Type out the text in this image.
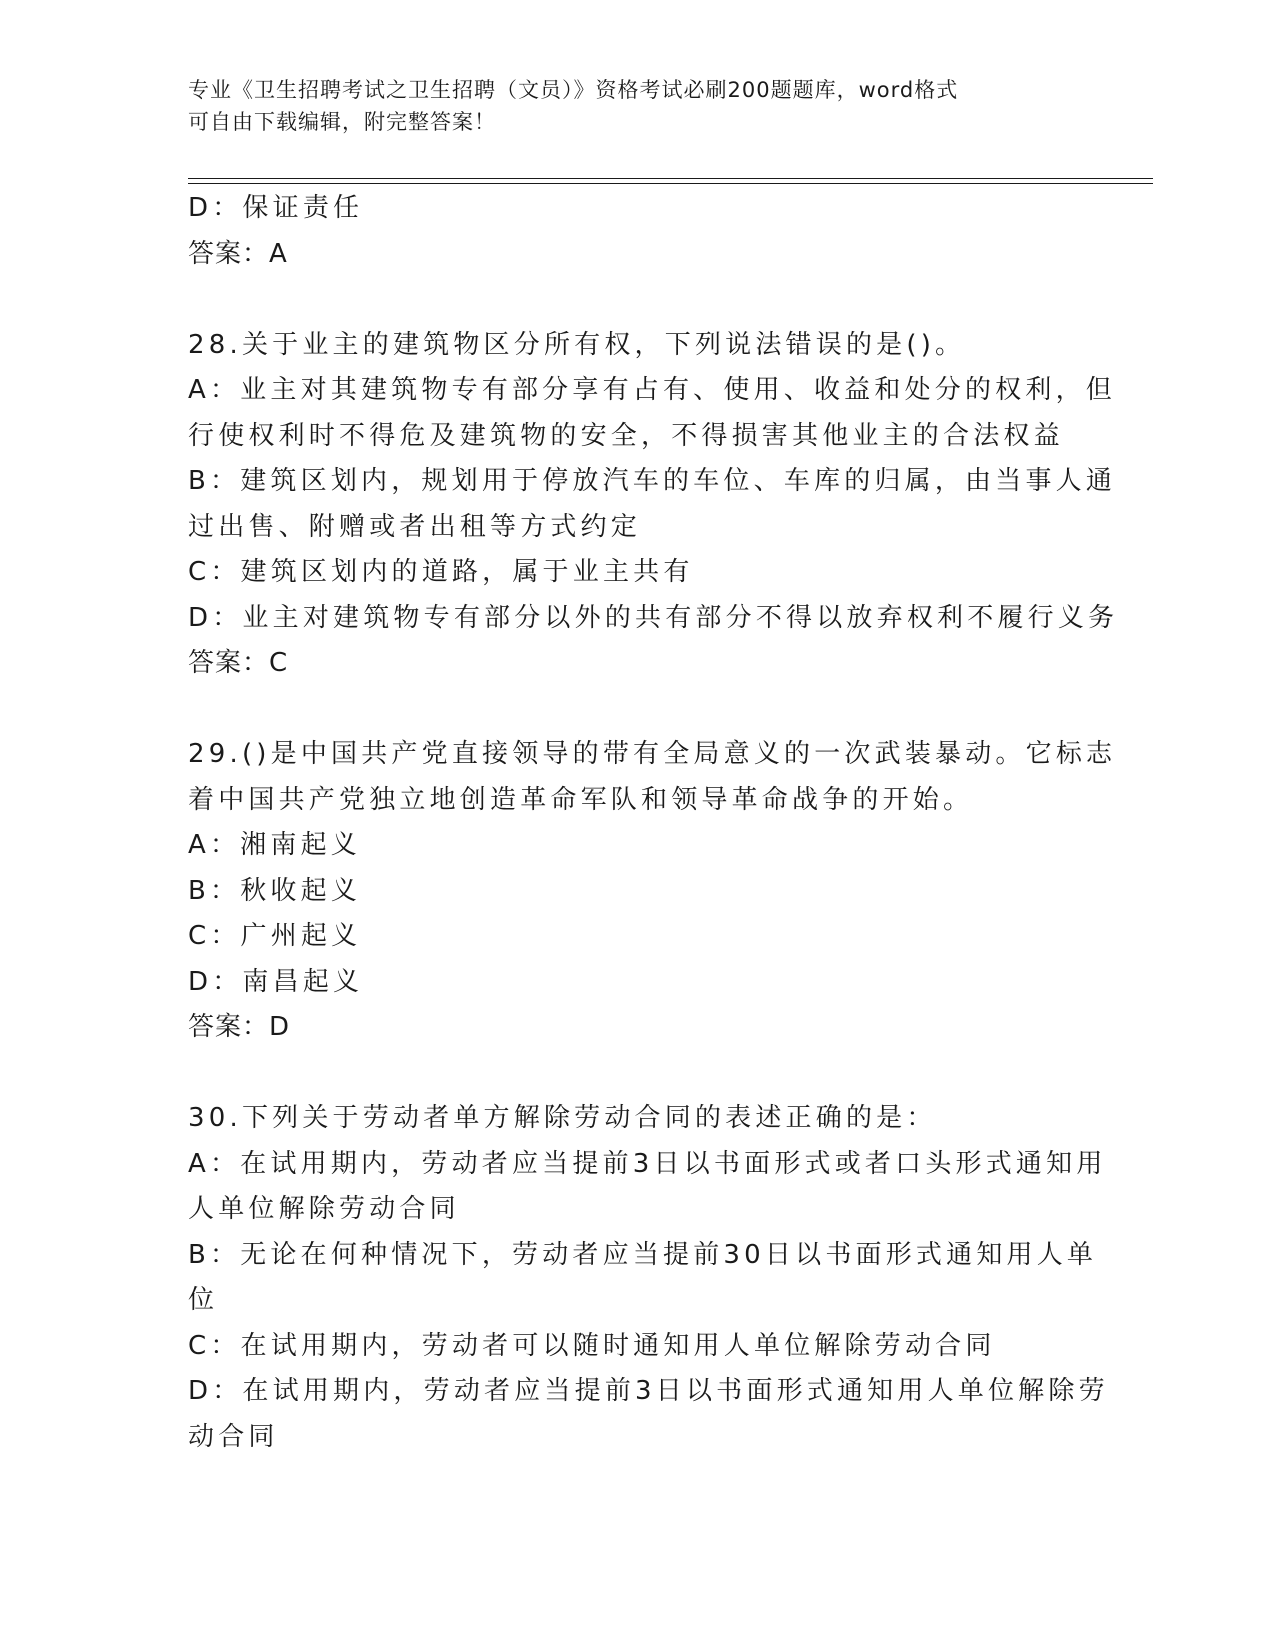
专业《卫生招聘考试之卫生招聘（文员）》资格考试必刷200题题库，word格式
可自由下载编辑，附完整答案！
D：保证责任
答案：A
28.关于业主的建筑物区分所有权，下列说法错误的是()。
A：业主对其建筑物专有部分享有占有、使用、收益和处分的权利，但
行使权利时不得危及建筑物的安全，不得损害其他业主的合法权益
B：建筑区划内，规划用于停放汽车的车位、车库的归属，由当事人通
过出售、附赠或者出租等方式约定
C：建筑区划内的道路，属于业主共有
D：业主对建筑物专有部分以外的共有部分不得以放弃权利不履行义务
答案：C
29.()是中国共产党直接领导的带有全局意义的一次武装暴动。它标志
着中国共产党独立地创造革命军队和领导革命战争的开始。
A：湘南起义
B：秋收起义
C：广州起义
D：南昌起义
答案：D
30.下列关于劳动者单方解除劳动合同的表述正确的是：
A：在试用期内，劳动者应当提前3日以书面形式或者口头形式通知用
人单位解除劳动合同
B：无论在何种情况下，劳动者应当提前30日以书面形式通知用人单
位
C：在试用期内，劳动者可以随时通知用人单位解除劳动合同
D：在试用期内，劳动者应当提前3日以书面形式通知用人单位解除劳
动合同
